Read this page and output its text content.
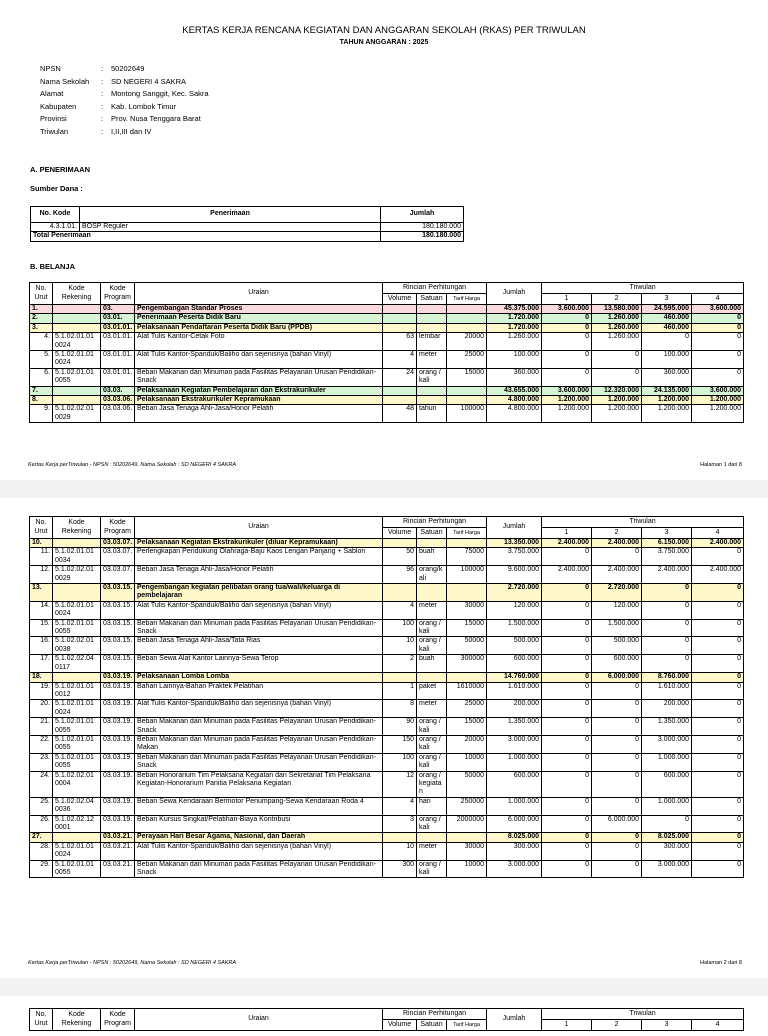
KERTAS KERJA RENCANA KEGIATAN DAN ANGGARAN SEKOLAH (RKAS) PER TRIWULAN
TAHUN ANGGARAN : 2025
NPSN	:	50202649
Nama Sekolah	:	SD NEGERI 4 SAKRA
Alamat	:	Montong Sanggit, Kec. Sakra
Kabupaten	:	Kab. Lombok Timur
Provinsi	:	Prov. Nusa Tenggara Barat
Triwulan	:	I,II,III dan IV
A. PENERIMAAN
Sumber Dana :
No. Kode	Penerimaan	Jumlah
4.3.1.01.	BOSP Reguler	180.180.000
Total Penerimaan		180.180.000
B. BELANJA
No. Urut	Kode Rekening	Kode Program	Uraian	Rincian Perhitungan			Jumlah	Triwulan			
				Volume	Satuan	Tarif Harga		1	2	3	4
1.		03.	Pengembangan Standar Proses				45.375.000	3.600.000	13.580.000	24.595.000	3.600.000
2.		03.01.	Penerimaan Peserta Didik Baru				1.720.000	0	1.260.000	460.000	0
3.		03.01.01.	Pelaksanaan Pendaftaran Peserta Didik Baru (PPDB)				1.720.000	0	1.260.000	460.000	0
4.	5.1.02.01.01 0024	03.01.01.	Alat Tulis Kantor-Cetak Foto	63	lembar	20000	1.260.000	0	1.260.000	0	0
5.	5.1.02.01.01 0024	03.01.01.	Alat Tulis Kantor-Spanduk/Baliho dan sejenisnya (bahan Vinyl)	4	meter	25000	100.000	0	0	100.000	0
6.	5.1.02.01.01 0055	03.01.01.	Beban Makanan dan Minuman pada Fasilitas Pelayanan Urusan Pendidikan-Snack	24	orang / kali	15000	360.000	0	0	360.000	0
7.		03.03.	Pelaksanaan Kegiatan Pembelajaran dan Ekstrakurikuler				43.655.000	3.600.000	12.320.000	24.135.000	3.600.000
8.		03.03.06.	Pelaksanaan Ekstrakurikuler Kepramukaan				4.800.000	1.200.000	1.200.000	1.200.000	1.200.000
9.	5.1.02.02.01 0029	03.03.06.	Beban Jasa Tenaga Ahli-Jasa/Honor Pelatih	48	tahun	100000	4.800.000	1.200.000	1.200.000	1.200.000	1.200.000
Kertas Kerja perTriwulan - NPSN : 50202649, Nama Sekolah : SD NEGERI 4 SAKRA	Halaman 1 dari 8
No. Urut	Kode Rekening	Kode Program	Uraian	Rincian Perhitungan			Jumlah	Triwulan			
				Volume	Satuan	Tarif Harga		1	2	3	4
10.		03.03.07.	Pelaksanaan Kegiatan Ekstrakurikuler (diluar Kepramukaan)				13.350.000	2.400.000	2.400.000	6.150.000	2.400.000
11.	5.1.02.01.01 0034	03.03.07.	Perlengkapan Pendukung Olahraga-Baju Kaos Lengan Panjang + Sablon	50	buah	75000	3.750.000	0	0	3.750.000	0
12.	5.1.02.02.01 0029	03.03.07.	Beban Jasa Tenaga Ahli-Jasa/Honor Pelatih	96	orang/k ali	100000	9.600.000	2.400.000	2.400.000	2.400.000	2.400.000
13.		03.03.15.	Pengembangan kegiatan pelibatan orang tua/wali/keluarga di pembelajaran				2.720.000	0	2.720.000	0	0
14.	5.1.02.01.01 0024	03.03.15.	Alat Tulis Kantor-Spanduk/Baliho dan sejenisnya (bahan Vinyl)	4	meter	30000	120.000	0	120.000	0	0
15.	5.1.02.01.01 0055	03.03.15.	Beban Makanan dan Minuman pada Fasilitas Pelayanan Urusan Pendidikan-Snack	100	orang / kali	15000	1.500.000	0	1.500.000	0	0
16.	5.1.02.02.01 0038	03.03.15.	Beban Jasa Tenaga Ahli-Jasa/Tata Rias	10	orang / kali	50000	500.000	0	500.000	0	0
17.	5.1.02.02.04 0117	03.03.15.	Beban Sewa Alat Kantor Lainnya-Sewa Terop	2	buah	300000	600.000	0	600.000	0	0
18.		03.03.19.	Pelaksanaan Lomba Lomba				14.760.000	0	6.000.000	8.760.000	0
19.	5.1.02.01.01 0012	03.03.19.	Bahan Lainnya-Bahan Praktek Pelatihan	1	paket	1610000	1.610.000	0	0	1.610.000	0
20.	5.1.02.01.01 0024	03.03.19.	Alat Tulis Kantor-Spanduk/Baliho dan sejenisnya (bahan Vinyl)	8	meter	25000	200.000	0	0	200.000	0
21.	5.1.02.01.01 0055	03.03.19.	Beban Makanan dan Minuman pada Fasilitas Pelayanan Urusan Pendidikan-Snack	90	orang / kali	15000	1.350.000	0	0	1.350.000	0
22.	5.1.02.01.01 0055	03.03.19.	Beban Makanan dan Minuman pada Fasilitas Pelayanan Urusan Pendidikan-Makan	150	orang / kali	20000	3.000.000	0	0	3.000.000	0
23.	5.1.02.01.01 0055	03.03.19.	Beban Makanan dan Minuman pada Fasilitas Pelayanan Urusan Pendidikan-Snack	100	orang / kali	10000	1.000.000	0	0	1.000.000	0
24.	5.1.02.02.01 0004	03.03.19.	Beban Honorarium Tim Pelaksana Kegiatan dan Sekretariat Tim Pelaksana Kegiatan-Honorarium Panitia Pelaksana Kegiatan	12	orang / kegiata n	50000	600.000	0	0	600.000	0
25.	5.1.02.02.04 0036	03.03.19.	Beban Sewa Kendaraan Bermotor Penumpang-Sewa Kendaraan Roda 4	4	hari	250000	1.000.000	0	0	1.000.000	0
26.	5.1.02.02.12 0001	03.03.19.	Beban Kursus Singkat/Pelatihan-Biaya Kontribusi	3	orang / kali	2000000	6.000.000	0	6.000.000	0	0
27.		03.03.21.	Perayaan Hari Besar Agama, Nasional, dan Daerah				8.025.000	0	0	8.025.000	0
28.	5.1.02.01.01 0024	03.03.21.	Alat Tulis Kantor-Spanduk/Baliho dan sejenisnya (bahan Vinyl)	10	meter	30000	300.000	0	0	300.000	0
29.	5.1.02.01.01 0055	03.03.21.	Beban Makanan dan Minuman pada Fasilitas Pelayanan Urusan Pendidikan-Snack	300	orang / kali	10000	3.000.000	0	0	3.000.000	0
Kertas Kerja perTriwulan - NPSN : 50202649, Nama Sekolah : SD NEGERI 4 SAKRA	Halaman 2 dari 8
No. Urut	Kode Rekening	Kode Program	Uraian	Rincian Perhitungan			Jumlah	Triwulan			
				Volume	Satuan	Tarif Harga		1	2	3	4
